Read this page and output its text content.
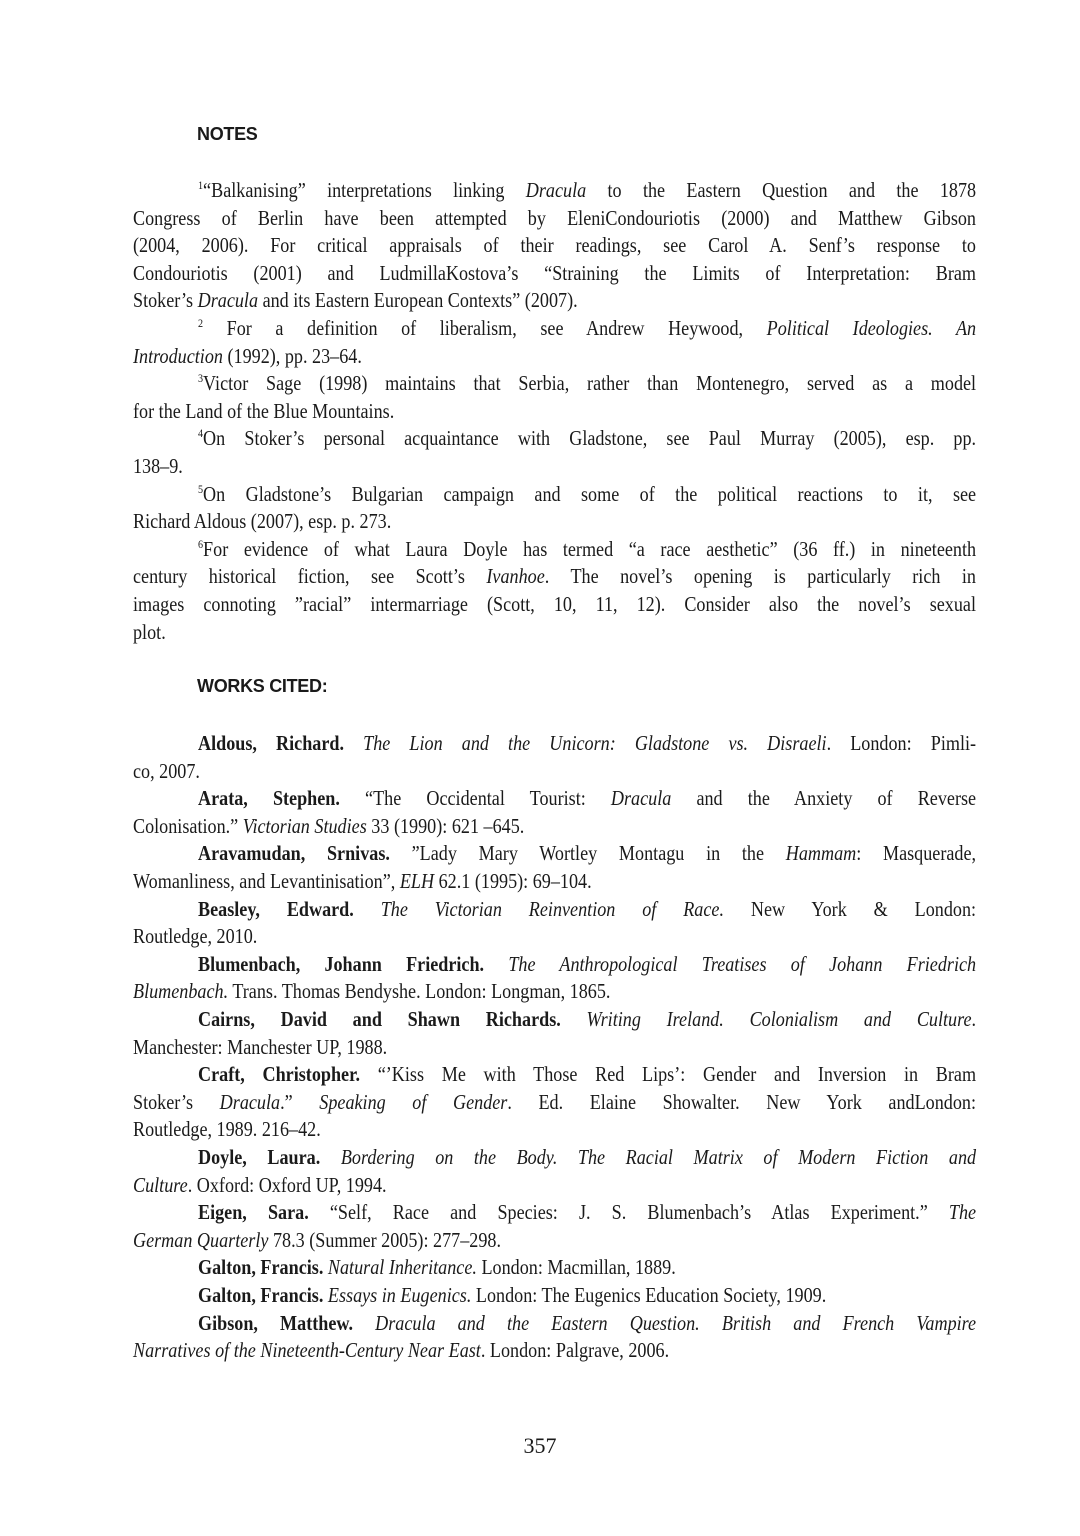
NOTES
$^1$“Balkanising” interpretations linking Dracula to the Eastern Question and the 1878
Congress of Berlin have been attempted by EleniCondouriotis (2000) and Matthew Gibson
(2004, 2006). For critical appraisals of their readings, see Carol A. Senf’s response to
Condouriotis (2001) and LudmillaKostova’s “Straining the Limits of Interpretation: Bram
Stoker’s Dracula and its Eastern European Contexts” (2007).
$^2$ For a definition of liberalism, see Andrew Heywood, Political Ideologies. An
Introduction (1992), pp. 23–64.
$^3$Victor Sage (1998) maintains that Serbia, rather than Montenegro, served as a model
for the Land of the Blue Mountains.
$^4$On Stoker’s personal acquaintance with Gladstone, see Paul Murray (2005), esp. pp.
138–9.
$^5$On Gladstone’s Bulgarian campaign and some of the political reactions to it, see
Richard Aldous (2007), esp. p. 273.
$^6$For evidence of what Laura Doyle has termed “a race aesthetic” (36 ff.) in nineteenth
century historical fiction, see Scott’s Ivanhoe. The novel’s opening is particularly rich in
images connoting ”racial” intermarriage (Scott, 10, 11, 12). Consider also the novel’s sexual
plot.
WORKS CITED:
Aldous, Richard. The Lion and the Unicorn: Gladstone vs. Disraeli. London: Pimli-
co, 2007.
Arata, Stephen. “The Occidental Tourist: Dracula and the Anxiety of Reverse
Colonisation.” Victorian Studies 33 (1990): 621 –645.
Aravamudan, Srnivas. ”Lady Mary Wortley Montagu in the Hammam: Masquerade,
Womanliness, and Levantinisation”, ELH 62.1 (1995): 69–104.
Beasley, Edward. The Victorian Reinvention of Race. New York & London:
Routledge, 2010.
Blumenbach, Johann Friedrich. The Anthropological Treatises of Johann Friedrich
Blumenbach. Trans. Thomas Bendyshe. London: Longman, 1865.
Cairns, David and Shawn Richards. Writing Ireland. Colonialism and Culture.
Manchester: Manchester UP, 1988.
Craft, Christopher. “’Kiss Me with Those Red Lips’: Gender and Inversion in Bram
Stoker’s Dracula.” Speaking of Gender. Ed. Elaine Showalter. New York andLondon:
Routledge, 1989. 216–42.
Doyle, Laura. Bordering on the Body. The Racial Matrix of Modern Fiction and
Culture. Oxford: Oxford UP, 1994.
Eigen, Sara. “Self, Race and Species: J. S. Blumenbach’s Atlas Experiment.” The
German Quarterly 78.3 (Summer 2005): 277–298.
Galton, Francis. Natural Inheritance. London: Macmillan, 1889.
Galton, Francis. Essays in Eugenics. London: The Eugenics Education Society, 1909.
Gibson, Matthew. Dracula and the Eastern Question. British and French Vampire
Narratives of the Nineteenth-Century Near East. London: Palgrave, 2006.
357
